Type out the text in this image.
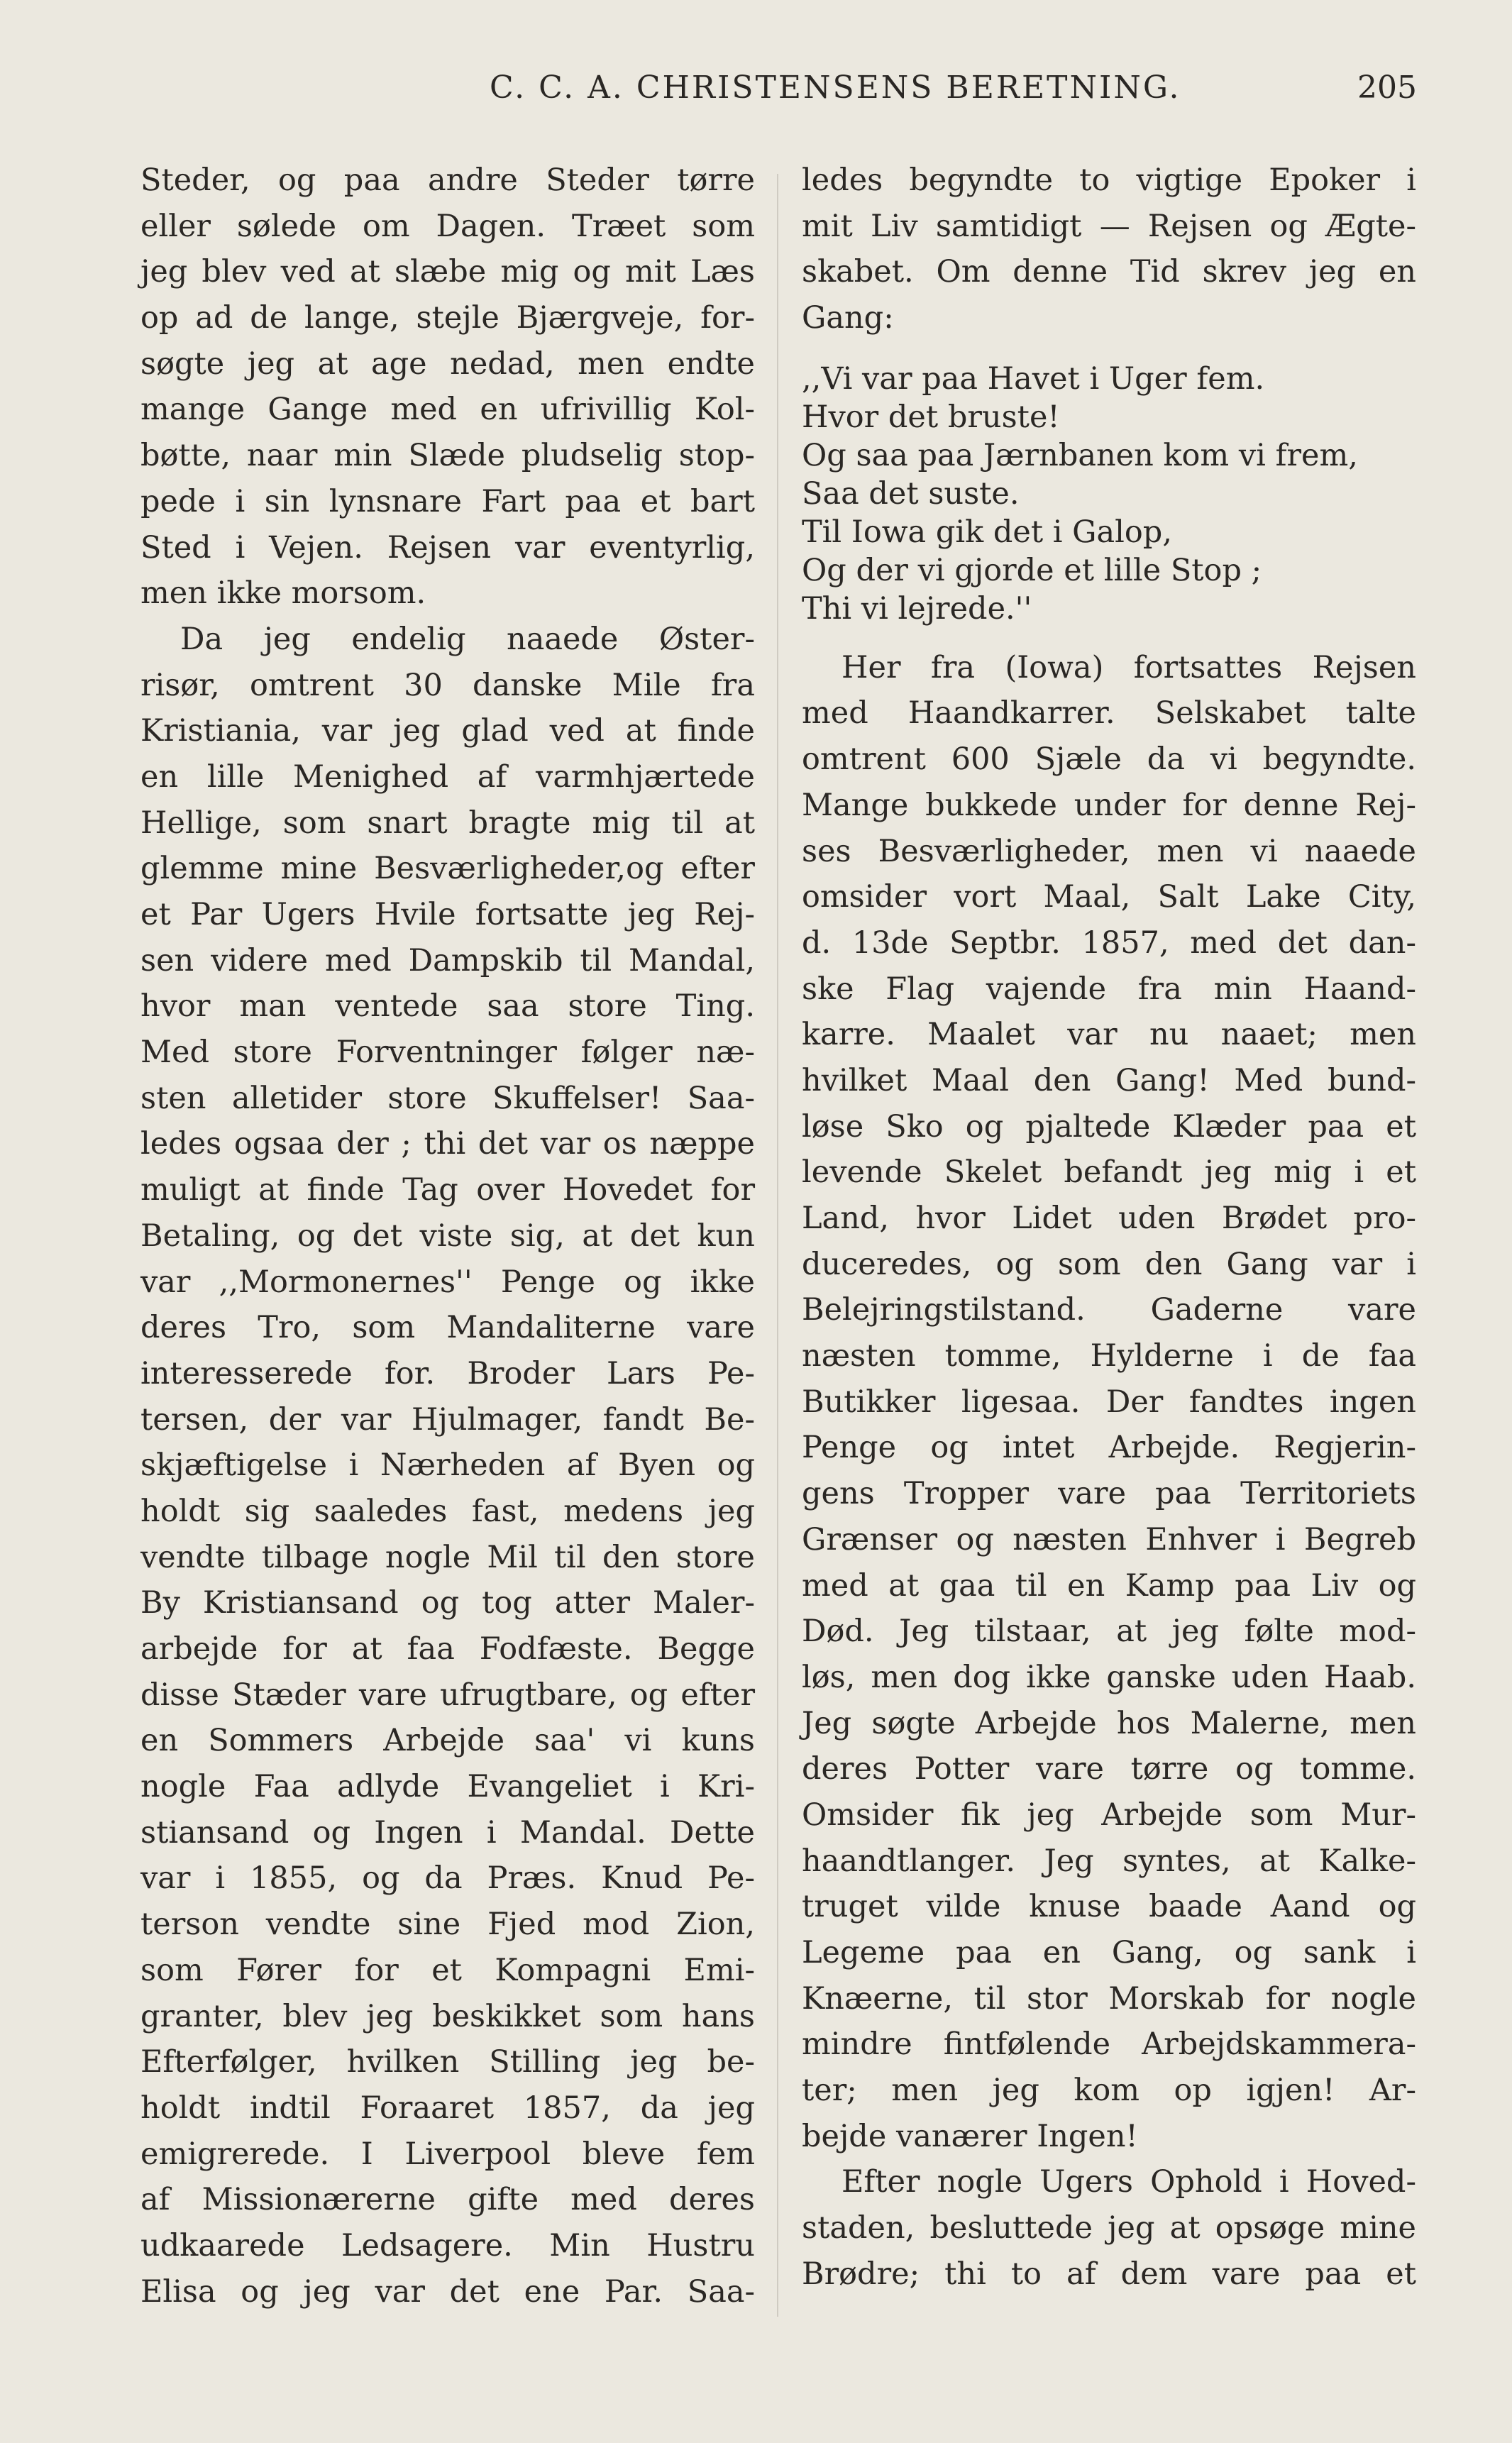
C. C. A. CHRISTENSENS BERETNING.	205
Steder, og paa andre Steder tørre
eller sølede om Dagen. Træet som
jeg blev ved at slæbe mig og mit Læs
op ad de lange, stejle Bjærgveje, for-
søgte jeg at age nedad, men endte
mange Gange med en ufrivillig Kol-
bøtte, naar min Slæde pludselig stop-
pede i sin lynsnare Fart paa et bart
Sted i Vejen. Rejsen var eventyrlig,
men ikke morsom.
Da jeg endelig naaede Øster-
risør, omtrent 30 danske Mile fra
Kristiania, var jeg glad ved at finde
en lille Menighed af varmhjærtede
Hellige, som snart bragte mig til at
glemme mine Besværligheder,og efter
et Par Ugers Hvile fortsatte jeg Rej-
sen videre med Dampskib til Mandal,
hvor man ventede saa store Ting.
Med store Forventninger følger næ-
sten alletider store Skuffelser! Saa-
ledes ogsaa der ; thi det var os næppe
muligt at finde Tag over Hovedet for
Betaling, og det viste sig, at det kun
var ,,Mormonernes'' Penge og ikke
deres Tro, som Mandaliterne vare
interesserede for. Broder Lars Pe-
tersen, der var Hjulmager, fandt Be-
skjæftigelse i Nærheden af Byen og
holdt sig saaledes fast, medens jeg
vendte tilbage nogle Mil til den store
By Kristiansand og tog atter Maler-
arbejde for at faa Fodfæste. Begge
disse Stæder vare ufrugtbare, og efter
en Sommers Arbejde saa' vi kuns
nogle Faa adlyde Evangeliet i Kri-
stiansand og Ingen i Mandal. Dette
var i 1855, og da Præs. Knud Pe-
terson vendte sine Fjed mod Zion,
som Fører for et Kompagni Emi-
granter, blev jeg beskikket som hans
Efterfølger, hvilken Stilling jeg be-
holdt indtil Foraaret 1857, da jeg
emigrerede. I Liverpool bleve fem
af Missionærerne gifte med deres
udkaarede Ledsagere. Min Hustru
Elisa og jeg var det ene Par. Saa-
ledes begyndte to vigtige Epoker i
mit Liv samtidigt — Rejsen og Ægte-
skabet. Om denne Tid skrev jeg en
Gang:
,,Vi var paa Havet i Uger fem.
Hvor det bruste!
Og saa paa Jærnbanen kom vi frem,
Saa det suste.
Til Iowa gik det i Galop,
Og der vi gjorde et lille Stop ;
Thi vi lejrede.''
Her fra (Iowa) fortsattes Rejsen
med Haandkarrer. Selskabet talte
omtrent 600 Sjæle da vi begyndte.
Mange bukkede under for denne Rej-
ses Besværligheder, men vi naaede
omsider vort Maal, Salt Lake City,
d. 13de Septbr. 1857, med det dan-
ske Flag vajende fra min Haand-
karre. Maalet var nu naaet; men
hvilket Maal den Gang! Med bund-
løse Sko og pjaltede Klæder paa et
levende Skelet befandt jeg mig i et
Land, hvor Lidet uden Brødet pro-
duceredes, og som den Gang var i
Belejringstilstand. Gaderne vare
næsten tomme, Hylderne i de faa
Butikker ligesaa. Der fandtes ingen
Penge og intet Arbejde. Regjerin-
gens Tropper vare paa Territoriets
Grænser og næsten Enhver i Begreb
med at gaa til en Kamp paa Liv og
Død. Jeg tilstaar, at jeg følte mod-
løs, men dog ikke ganske uden Haab.
Jeg søgte Arbejde hos Malerne, men
deres Potter vare tørre og tomme.
Omsider fik jeg Arbejde som Mur-
haandtlanger. Jeg syntes, at Kalke-
truget vilde knuse baade Aand og
Legeme paa en Gang, og sank i
Knæerne, til stor Morskab for nogle
mindre fintfølende Arbejdskammera-
ter; men jeg kom op igjen! Ar-
bejde vanærer Ingen!
Efter nogle Ugers Ophold i Hoved-
staden, besluttede jeg at opsøge mine
Brødre; thi to af dem vare paa et
